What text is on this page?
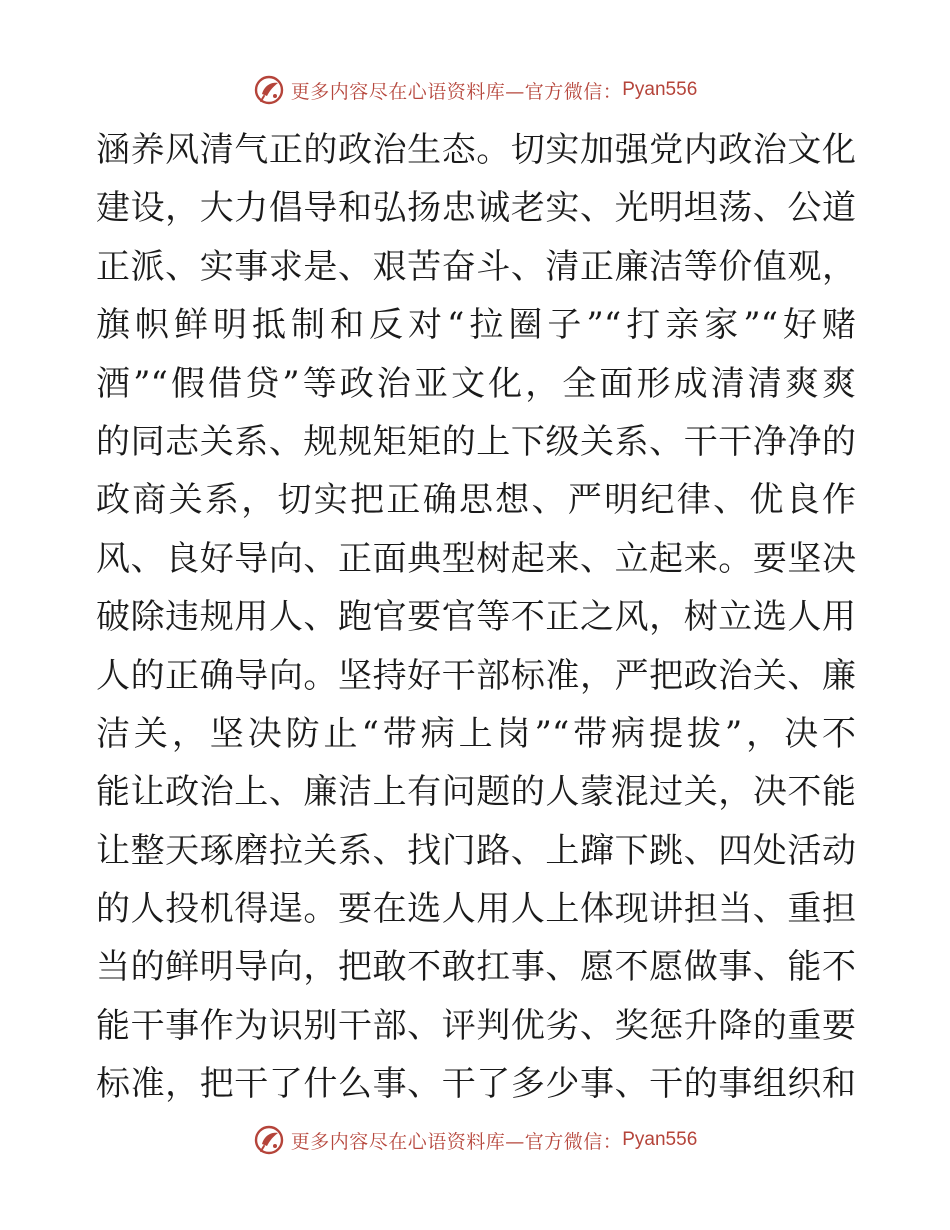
更多内容尽在心语资料库—官方微信： Pyan556
涵养风清气正的政治生态。切实加强党内政治文化
建设，大力倡导和弘扬忠诚老实、光明坦荡、公道
正派、实事求是、艰苦奋斗、清正廉洁等价值观，
旗帜鲜明抵制和反对“拉圈子”“打亲家”“好赌
酒”“假借贷”等政治亚文化，全面形成清清爽爽
的同志关系、规规矩矩的上下级关系、干干净净的
政商关系，切实把正确思想、严明纪律、优良作
风、良好导向、正面典型树起来、立起来。要坚决
破除违规用人、跑官要官等不正之风，树立选人用
人的正确导向。坚持好干部标准，严把政治关、廉
洁关，坚决防止“带病上岗”“带病提拔”，决不
能让政治上、廉洁上有问题的人蒙混过关，决不能
让整天琢磨拉关系、找门路、上蹿下跳、四处活动
的人投机得逞。要在选人用人上体现讲担当、重担
当的鲜明导向，把敢不敢扛事、愿不愿做事、能不
能干事作为识别干部、评判优劣、奖惩升降的重要
标准，把干了什么事、干了多少事、干的事组织和
更多内容尽在心语资料库—官方微信： Pyan556
